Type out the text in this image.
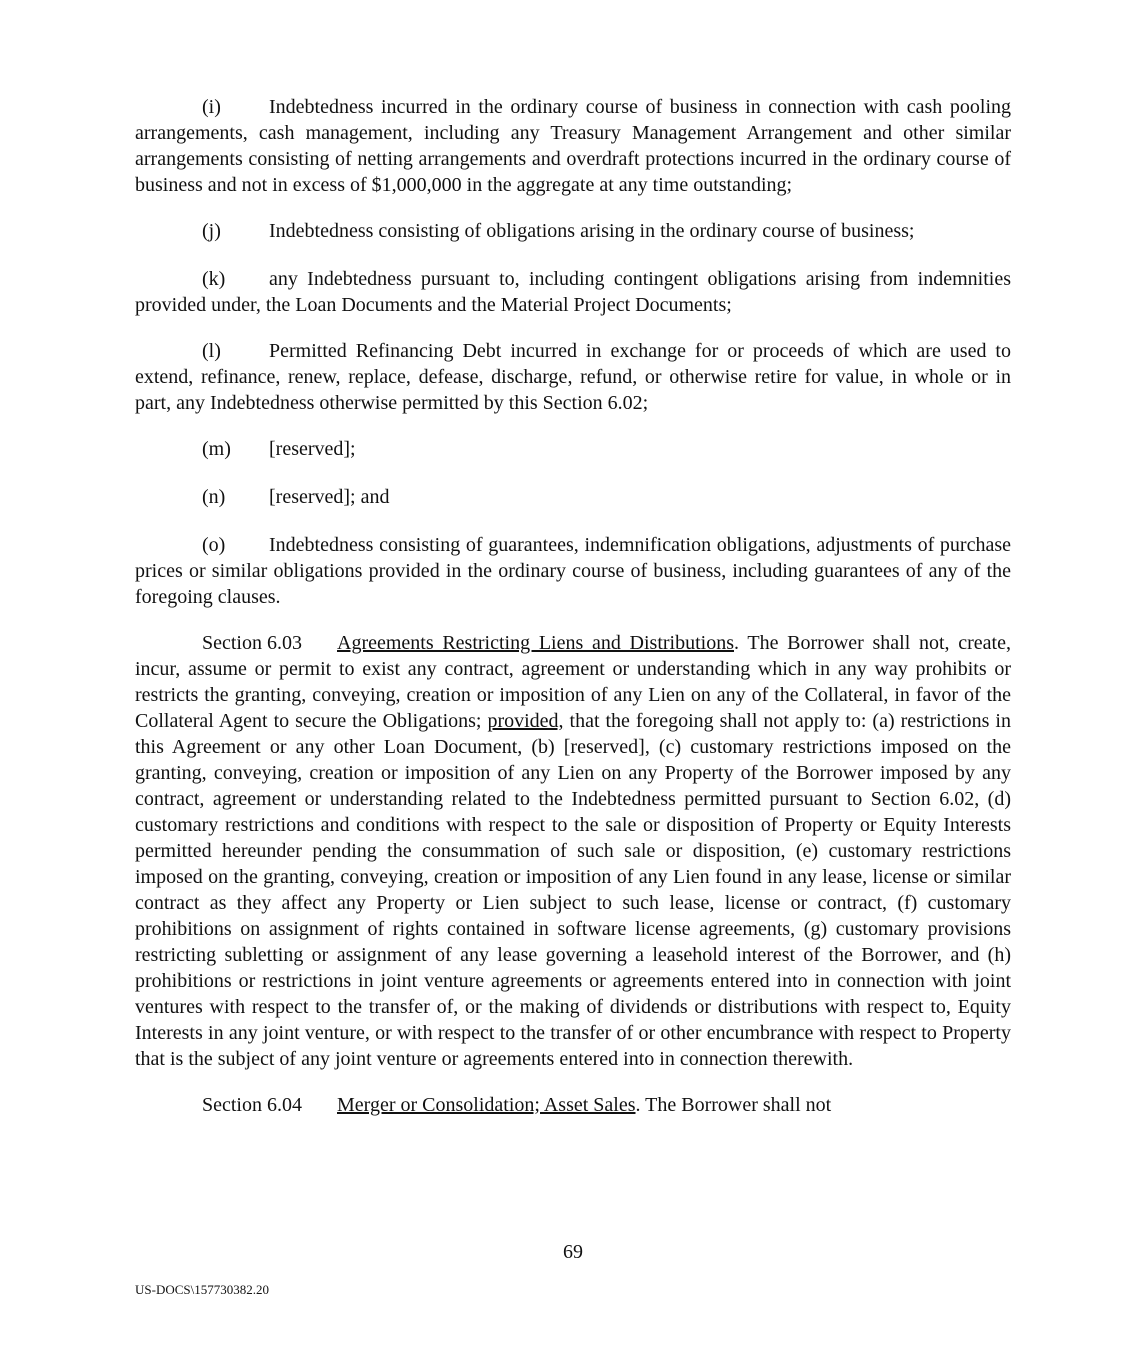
(i) Indebtedness incurred in the ordinary course of business in connection with cash pooling arrangements, cash management, including any Treasury Management Arrangement and other similar arrangements consisting of netting arrangements and overdraft protections incurred in the ordinary course of business and not in excess of $1,000,000 in the aggregate at any time outstanding;

(j) Indebtedness consisting of obligations arising in the ordinary course of business;

(k) any Indebtedness pursuant to, including contingent obligations arising from indemnities provided under, the Loan Documents and the Material Project Documents;

(l) Permitted Refinancing Debt incurred in exchange for or proceeds of which are used to extend, refinance, renew, replace, defease, discharge, refund, or otherwise retire for value, in whole or in part, any Indebtedness otherwise permitted by this Section 6.02;

(m) [reserved];

(n) [reserved]; and

(o) Indebtedness consisting of guarantees, indemnification obligations, adjustments of purchase prices or similar obligations provided in the ordinary course of business, including guarantees of any of the foregoing clauses.

Section 6.03 Agreements Restricting Liens and Distributions. The Borrower shall not, create, incur, assume or permit to exist any contract, agreement or understanding which in any way prohibits or restricts the granting, conveying, creation or imposition of any Lien on any of the Collateral, in favor of the Collateral Agent to secure the Obligations; provided, that the foregoing shall not apply to: (a) restrictions in this Agreement or any other Loan Document, (b) [reserved], (c) customary restrictions imposed on the granting, conveying, creation or imposition of any Lien on any Property of the Borrower imposed by any contract, agreement or understanding related to the Indebtedness permitted pursuant to Section 6.02, (d) customary restrictions and conditions with respect to the sale or disposition of Property or Equity Interests permitted hereunder pending the consummation of such sale or disposition, (e) customary restrictions imposed on the granting, conveying, creation or imposition of any Lien found in any lease, license or similar contract as they affect any Property or Lien subject to such lease, license or contract, (f) customary prohibitions on assignment of rights contained in software license agreements, (g) customary provisions restricting subletting or assignment of any lease governing a leasehold interest of the Borrower, and (h) prohibitions or restrictions in joint venture agreements or agreements entered into in connection with joint ventures with respect to the transfer of, or the making of dividends or distributions with respect to, Equity Interests in any joint venture, or with respect to the transfer of or other encumbrance with respect to Property that is the subject of any joint venture or agreements entered into in connection therewith.

Section 6.04 Merger or Consolidation; Asset Sales. The Borrower shall not

69
US-DOCS\157730382.20
